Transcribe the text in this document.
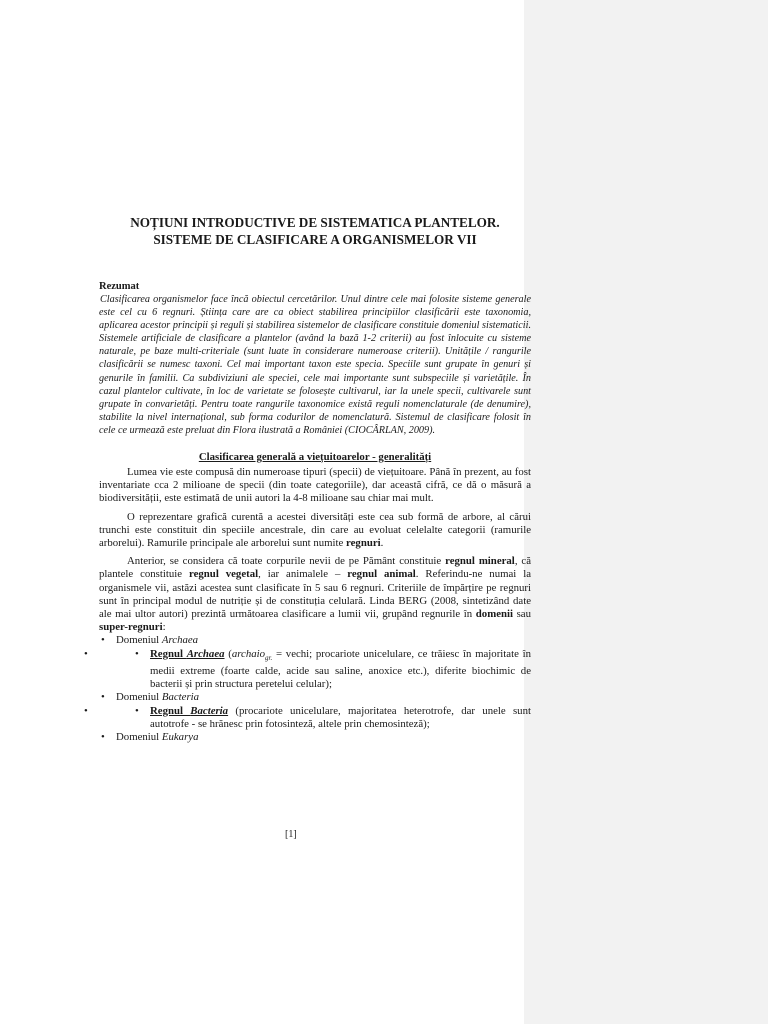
NOȚIUNI INTRODUCTIVE DE SISTEMATICA PLANTELOR.
SISTEME DE CLASIFICARE A ORGANISMELOR VII

Rezumat

Clasificarea organismelor face încă obiectul cercetărilor. Unul dintre cele mai folosite sisteme generale este cel cu 6 regnuri. Știința care are ca obiect stabilirea principiilor clasificării este taxonomia, aplicarea acestor principii și reguli și stabilirea sistemelor de clasificare constituie domeniul sistematicii. Sistemele artificiale de clasificare a plantelor (având la bază 1-2 criterii) au fost înlocuite cu sisteme naturale, pe baze multi-criteriale (sunt luate în considerare numeroase criterii). Unitățile / rangurile clasificării se numesc taxoni. Cel mai important taxon este specia. Speciile sunt grupate în genuri și genurile în familii. Ca subdiviziuni ale speciei, cele mai importante sunt subspeciile și varietățile. În cazul plantelor cultivate, în loc de varietate se folosește cultivarul, iar la unele specii, cultivarele sunt grupate în convarietăți. Pentru toate rangurile taxonomice există reguli nomenclaturale (de denumire), stabilite la nivel internațional, sub forma codurilor de nomenclatură. Sistemul de clasificare folosit în cele ce urmează este preluat din Flora ilustrată a României (CIOCÂRLAN, 2009).

Clasificarea generală a viețuitoarelor - generalități

Lumea vie este compusă din numeroase tipuri (specii) de viețuitoare. Până în prezent, au fost inventariate cca 2 milioane de specii (din toate categoriile), dar această cifră, ce dă o măsură a biodiversității, este estimată de unii autori la 4-8 milioane sau chiar mai mult.

O reprezentare grafică curentă a acestei diversități este cea sub formă de arbore, al cărui trunchi este constituit din speciile ancestrale, din care au evoluat celelalte categorii (ramurile arborelui). Ramurile principale ale arborelui sunt numite regnuri.

Anterior, se considera că toate corpurile nevii de pe Pământ constituie regnul mineral, că plantele constituie regnul vegetal, iar animalele – regnul animal. Referindu-ne numai la organismele vii, astăzi acestea sunt clasificate în 5 sau 6 regnuri. Criteriile de împărțire pe regnuri sunt în principal modul de nutriție și de constituția celulară. Linda BERG (2008, sintetizând date ale mai ultor autori) prezintă următoarea clasificare a lumii vii, grupând regnurile în domenii sau super-regnuri:

• Domeniul Archaea
• • Regnul Archaea (archaio$_{gr.}$ = vechi; procariote unicelulare, ce trăiesc în majoritate în medii extreme (foarte calde, acide sau saline, anoxice etc.), diferite biochimic de bacterii și prin structura peretelui celular);
• Domeniul Bacteria
• • Regnul Bacteria (procariote unicelulare, majoritatea heterotrofe, dar unele sunt autotrofe - se hrănesc prin fotosinteză, altele prin chemosinteză);
• Domeniul Eukarya
[1]
